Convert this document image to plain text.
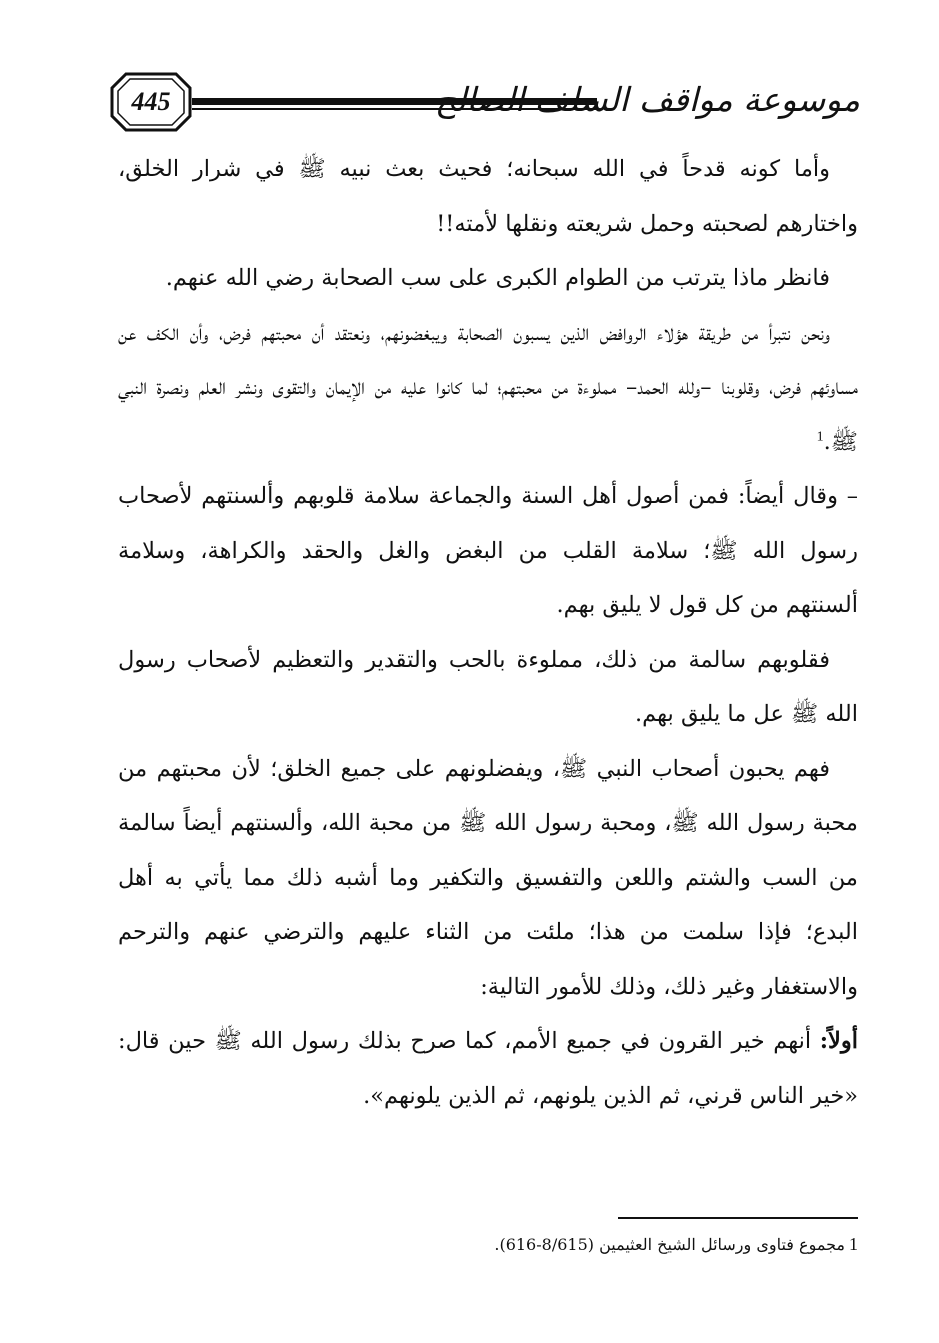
445	موسوعة مواقف السلف الصالح

وأما كونه قدحاً في الله سبحانه؛ فحيث بعث نبيه ﷺ في شرار الخلق، واختارهم لصحبته وحمل شريعته ونقلها لأمته!!

فانظر ماذا يترتب من الطوام الكبرى على سب الصحابة رضي الله عنهم.

ونحن نتبرأ من طريقة هؤلاء الروافض الذين يسبون الصحابة ويبغضونهم، ونعتقد أن محبتهم فرض، وأن الكف عن مساوئهم فرض، وقلوبنا –ولله الحمد– مملوءة من محبتهم؛ لما كانوا عليه من الإيمان والتقوى ونشر العلم ونصرة النبي ﷺ.$^1$

– وقال أيضاً: فمن أصول أهل السنة والجماعة سلامة قلوبهم وألسنتهم لأصحاب رسول الله ﷺ؛ سلامة القلب من البغض والغل والحقد والكراهة، وسلامة ألسنتهم من كل قول لا يليق بهم.

فقلوبهم سالمة من ذلك، مملوءة بالحب والتقدير والتعظيم لأصحاب رسول الله ﷺ عل ما يليق بهم.

فهم يحبون أصحاب النبي ﷺ، ويفضلونهم على جميع الخلق؛ لأن محبتهم من محبة رسول الله ﷺ، ومحبة رسول الله ﷺ من محبة الله، وألسنتهم أيضاً سالمة من السب والشتم واللعن والتفسيق والتكفير وما أشبه ذلك مما يأتي به أهل البدع؛ فإذا سلمت من هذا؛ ملئت من الثناء عليهم والترضي عنهم والترحم والاستغفار وغير ذلك، وذلك للأمور التالية:

أولاً: أنهم خير القرون في جميع الأمم، كما صرح بذلك رسول الله ﷺ حين قال: «خير الناس قرني، ثم الذين يلونهم، ثم الذين يلونهم».

1مجموع فتاوى ورسائل الشيخ العثيمين (8/615-616).
